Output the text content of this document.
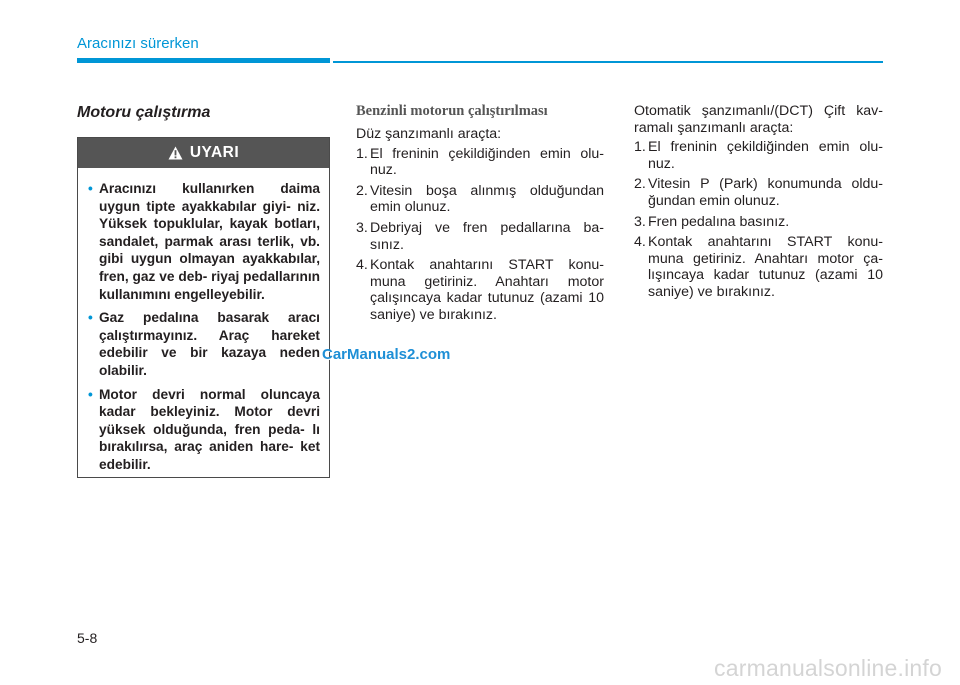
Aracınızı sürerken
Motoru çalıştırma
UYARI
• Aracınızı kullanırken daima uygun tipte ayakkabılar giyi- niz. Yüksek topuklular, kayak botları, sandalet, parmak arası terlik, vb. gibi uygun olmayan ayakkabılar, fren, gaz ve deb- riyaj pedallarının kullanımını engelleyebilir.
• Gaz pedalına basarak aracı çalıştırmayınız. Araç hareket edebilir ve bir kazaya neden olabilir.
• Motor devri normal oluncaya kadar bekleyiniz. Motor devri yüksek olduğunda, fren peda- lı bırakılırsa, araç aniden hare- ket edebilir.
Benzinli motorun çalıştırılması
Düz şanzımanlı araçta:
1. El freninin çekildiğinden emin olu- nuz.
2. Vitesin boşa alınmış olduğundan emin olunuz.
3. Debriyaj ve fren pedallarına ba- sınız.
4. Kontak anahtarını START konu- muna getiriniz. Anahtarı motor çalışıncaya kadar tutunuz (azami 10 saniye) ve bırakınız.
Otomatik şanzımanlı/(DCT) Çift kav- ramalı şanzımanlı araçta:
1. El freninin çekildiğinden emin olu- nuz.
2. Vitesin P (Park) konumunda oldu- ğundan emin olunuz.
3. Fren pedalına basınız.
4. Kontak anahtarını START konu- muna getiriniz. Anahtarı motor ça- lışıncaya kadar tutunuz (azami 10 saniye) ve bırakınız.
CarManuals2.com
5-8
carmanualsonline.info
